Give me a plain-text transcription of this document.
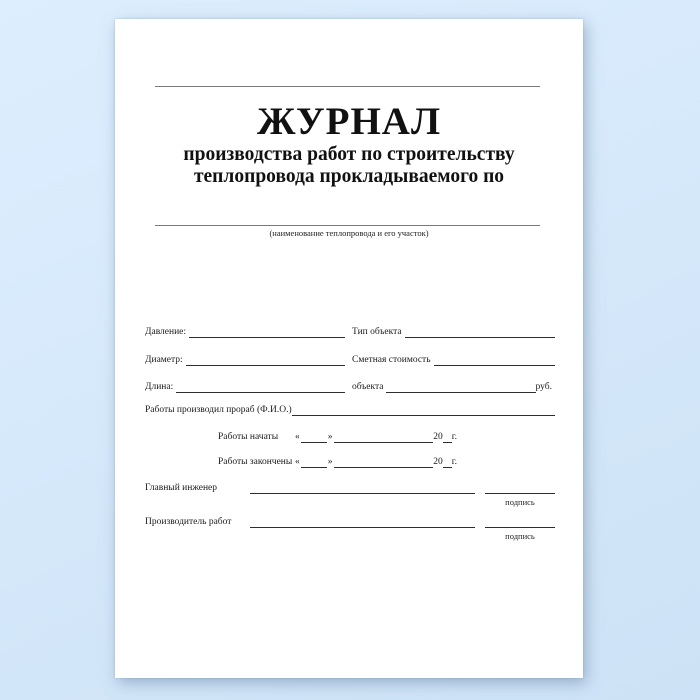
ЖУРНАЛ
производства работ по строительству
теплопровода прокладываемого по
(наименование теплопровода и его участок)
Давление:	Тип объекта
Диаметр:	Сметная стоимость
Длина:	объекта	руб.
Работы производил прораб (Ф.И.О.)
Работы начаты	«	»	20 г.
Работы закончены «	»	20 г.
Главный инженер
подпись
Производитель работ
подпись
